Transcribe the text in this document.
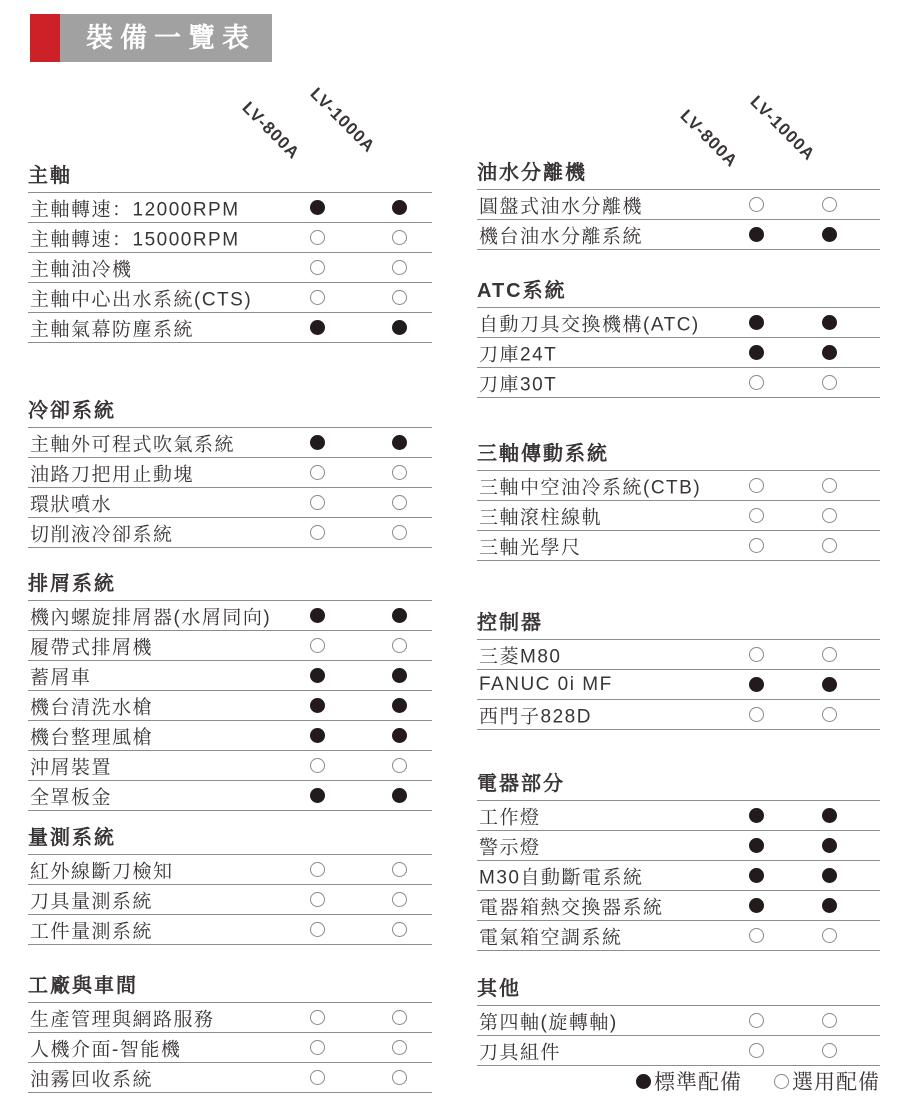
裝備一覽表
LV-800A LV-1000A	LV-800A LV-1000A
主軸
主軸轉速：12000RPM
主軸轉速：15000RPM
主軸油冷機
主軸中心出水系統(CTS)
主軸氣幕防塵系統
冷卻系統
主軸外可程式吹氣系統
油路刀把用止動塊
環狀噴水
切削液冷卻系統
排屑系統
機內螺旋排屑器(水屑同向)
履帶式排屑機
蓄屑車
機台清洗水槍
機台整理風槍
沖屑裝置
全罩板金
量測系統
紅外線斷刀檢知
刀具量測系統
工件量測系統
工廠與車間
生產管理與網路服務
人機介面-智能機
油霧回收系統
油水分離機
圓盤式油水分離機
機台油水分離系統
ATC系統
自動刀具交換機構(ATC)
刀庫24T
刀庫30T
三軸傳動系統
三軸中空油冷系統(CTB)
三軸滾柱線軌
三軸光學尺
控制器
三菱M80
FANUC 0i MF
西門子828D
電器部分
工作燈
警示燈
M30自動斷電系統
電器箱熱交換器系統
電氣箱空調系統
其他
第四軸(旋轉軸)
刀具組件
標準配備 選用配備
